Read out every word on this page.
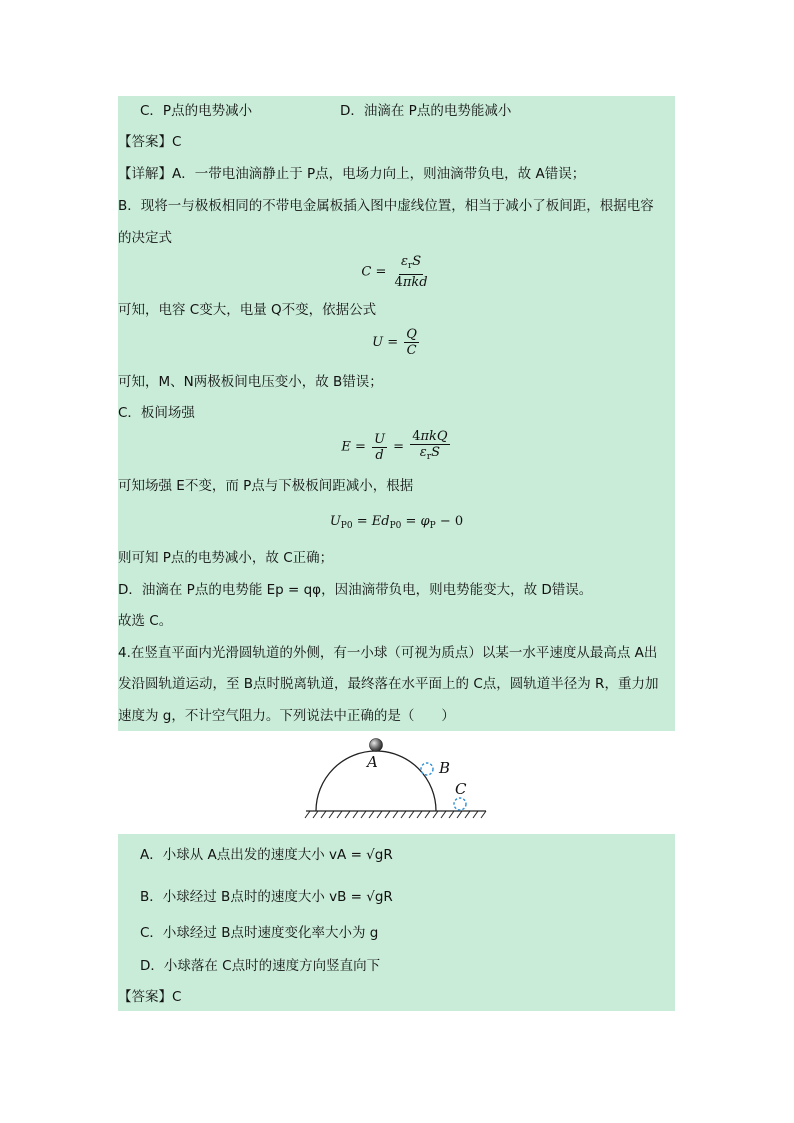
C．P点的电势减小	D．油滴在 P点的电势能减小
【答案】C
【详解】A．一带电油滴静止于 P点，电场力向上，则油滴带负电，故 A错误；
B．现将一与极板相同的不带电金属板插入图中虚线位置，相当于减小了板间距，根据电容
的决定式
$C = \frac{\varepsilon_rS}{\text{4πkd}}$
可知，电容 C变大，电量 Q不变，依据公式
$U = \frac{Q}{C}$
可知，M、N两极板间电压变小，故 B错误；
C．板间场强
$E = \frac{U}{d} = \frac{\text{4πkQ}}{\varepsilon_rS}$
可知场强 E不变，而 P点与下极板间距减小，根据
$U_{P0} = Ed_{P0} = \varphi_P - 0$
则可知 P点的电势减小，故 C正确；
D．油滴在 P点的电势能 Ep = qφ，因油滴带负电，则电势能变大，故 D错误。
故选 C。
4.在竖直平面内光滑圆轨道的外侧，有一小球（可视为质点）以某一水平速度从最高点 A出
发沿圆轨道运动，至 B点时脱离轨道，最终落在水平面上的 C点，圆轨道半径为 R，重力加
速度为 g，不计空气阻力。下列说法中正确的是（　　）
A	B
C
A．小球从 A点出发的速度大小 vA = √gR
B．小球经过 B点时的速度大小 vB = √gR
C．小球经过 B点时速度变化率大小为 g
D．小球落在 C点时的速度方向竖直向下
【答案】C
